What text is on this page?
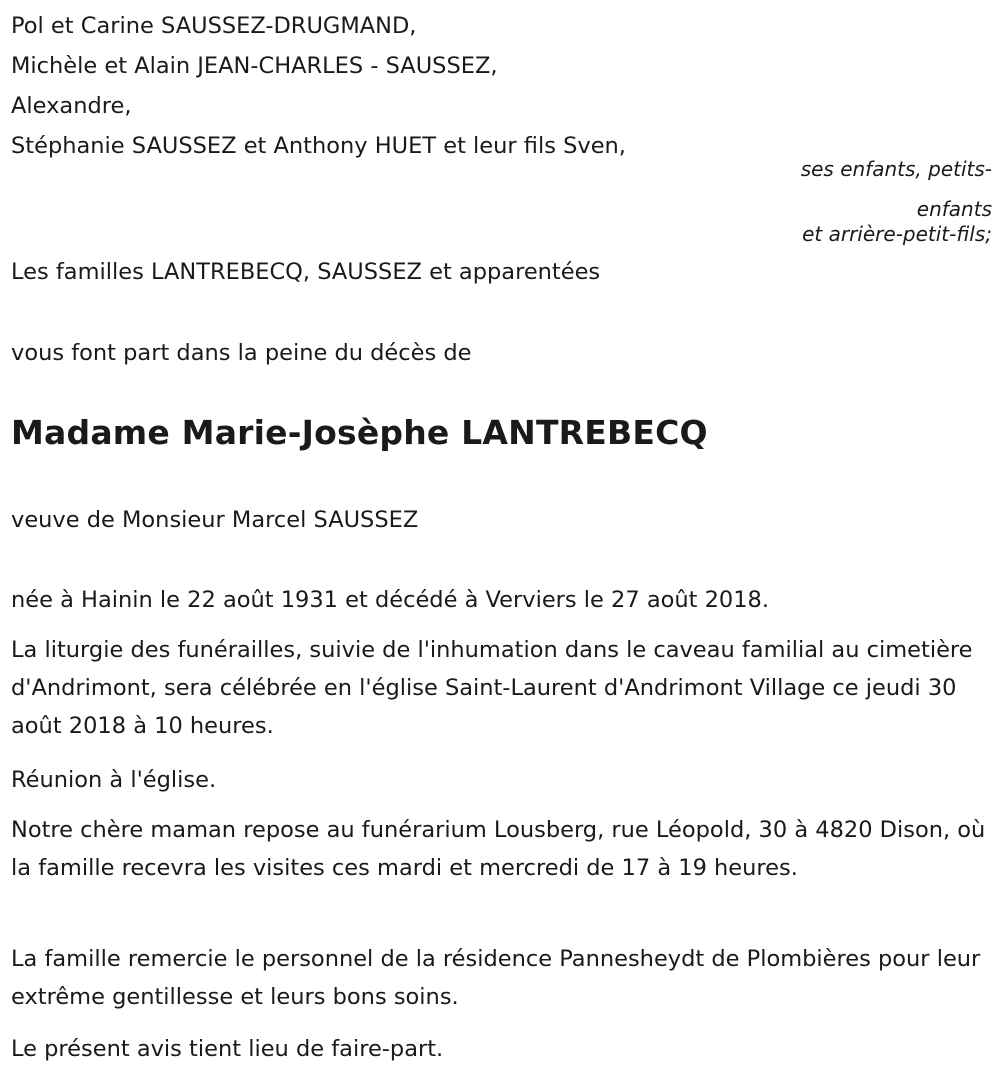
Pol et Carine SAUSSEZ-DRUGMAND,

Michèle et Alain JEAN-CHARLES - SAUSSEZ,

Alexandre,

Stéphanie SAUSSEZ et Anthony HUET et leur fils Sven,

ses enfants, petits-
enfants
et arrière-petit-fils;

Les familles LANTREBECQ, SAUSSEZ et apparentées

vous font part dans la peine du décès de

Madame Marie-Josèphe LANTREBECQ

veuve de Monsieur Marcel SAUSSEZ

née à Hainin le 22 août 1931 et décédé à Verviers le 27 août 2018.

La liturgie des funérailles, suivie de l'inhumation dans le caveau familial au cimetière d'Andrimont, sera célébrée en l'église Saint-Laurent d'Andrimont Village ce jeudi 30 août 2018 à 10 heures.

Réunion à l'église.

Notre chère maman repose au funérarium Lousberg, rue Léopold, 30 à 4820 Dison, où la famille recevra les visites ces mardi et mercredi de 17 à 19 heures.

La famille remercie le personnel de la résidence Pannesheydt de Plombières pour leur extrême gentillesse et leurs bons soins.

Le présent avis tient lieu de faire-part.
